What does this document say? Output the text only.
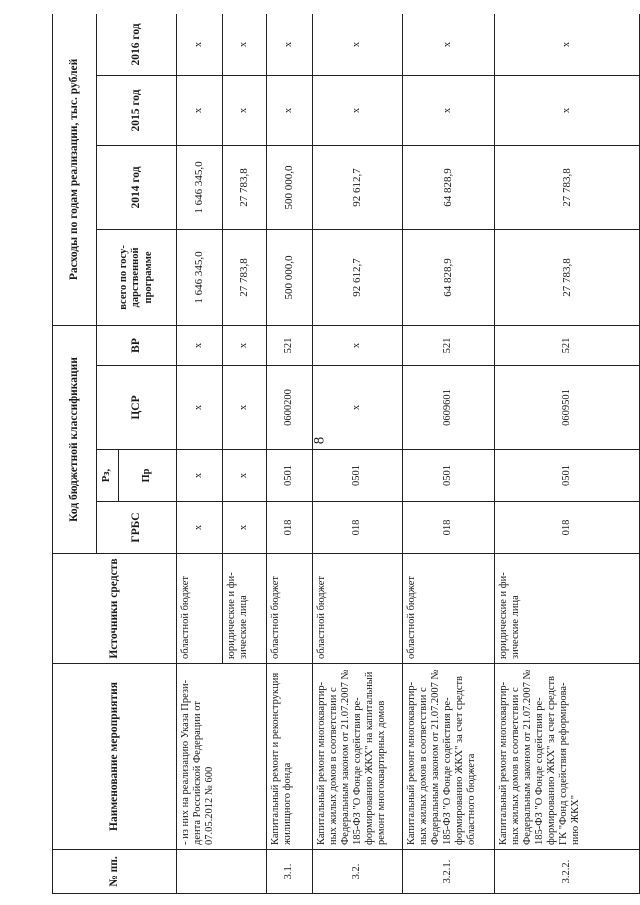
8
№ пп.	Наименование мероприятия	Источники средств	Код бюджетной классификации				Расходы по годам реализации, тыс. рублей			
			ГРБС	Рз,	ЦСР	ВР	всего по государственной программе	2014 год	2015 год	2016 год
				Пр						
	- из них на реализацию Указа Президента Российской Федерации от 07.05.2012 № 600	областной бюджет	х	х	х	х	1 646 345,0	1 646 345,0	х	х
		юридические и физические лица	х	х	х	х	27 783,8	27 783,8	х	х
3.1.	Капитальный ремонт и реконструкция жилищного фонда	областной бюджет	018	0501	0600200	521	500 000,0	500 000,0	х	х
3.2.	Капитальный ремонт многоквартирных жилых домов в соответствии с Федеральным законом от 21.07.2007 № 185-ФЗ "О Фонде содействия реформированию ЖКХ" на капитальный ремонт многоквартирных домов	областной бюджет	018	0501	х	х	92 612,7	92 612,7	х	х
3.2.1.	Капитальный ремонт многоквартирных жилых домов в соответствии с Федеральным законом от 21.07.2007 № 185-ФЗ "О Фонде содействия реформированию ЖКХ" за счет средств областного бюджета	областной бюджет	018	0501	0609601	521	64 828,9	64 828,9	х	х
3.2.2.	Капитальный ремонт многоквартирных жилых домов в соответствии с Федеральным законом от 21.07.2007 № 185-ФЗ "О Фонде содействия реформированию ЖКХ" за счет средств ГК "Фонд содействия реформированию ЖКХ"	юридические и физические лица	018	0501	0609501	521	27 783,8	27 783,8	х	х
